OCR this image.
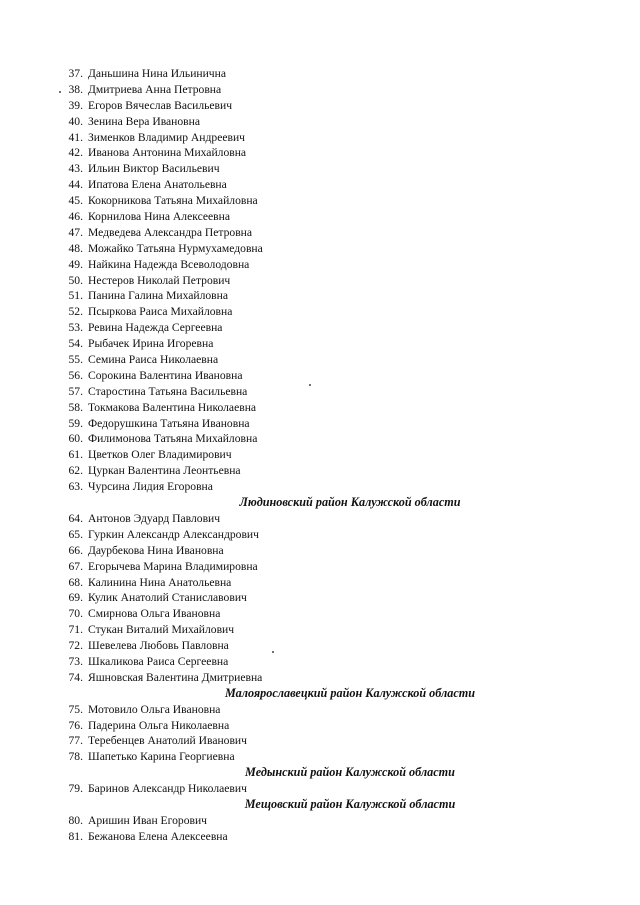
37. Даньшина Нина Ильинична
38. Дмитриева Анна Петровна
39. Егоров Вячеслав Васильевич
40. Зенина Вера Ивановна
41. Зименков Владимир Андреевич
42. Иванова Антонина Михайловна
43. Ильин Виктор Васильевич
44. Ипатова Елена Анатольевна
45. Кокорникова Татьяна Михайловна
46. Корнилова Нина Алексеевна
47. Медведева Александра Петровна
48. Можайко Татьяна Нурмухамедовна
49. Найкина Надежда Всеволодовна
50. Нестеров Николай Петрович
51. Панина Галина Михайловна
52. Псыркова Раиса Михайловна
53. Ревина Надежда Сергеевна
54. Рыбачек Ирина Игоревна
55. Семина Раиса Николаевна
56. Сорокина Валентина Ивановна
57. Старостина Татьяна Васильевна
58. Токмакова Валентина Николаевна
59. Федорушкина Татьяна Ивановна
60. Филимонова Татьяна Михайловна
61. Цветков Олег Владимирович
62. Цуркан Валентина Леонтьевна
63. Чурсина Лидия Егоровна
Людиновский район Калужской области
64. Антонов Эдуард Павлович
65. Гуркин Александр Александрович
66. Даурбекова Нина Ивановна
67. Егорычева Марина Владимировна
68. Калинина Нина Анатольевна
69. Кулик Анатолий Станиславович
70. Смирнова Ольга Ивановна
71. Стукан Виталий Михайлович
72. Шевелева Любовь Павловна
73. Шкаликова Раиса Сергеевна
74. Яшновская Валентина Дмитриевна
Малоярославецкий район Калужской области
75. Мотовило Ольга Ивановна
76. Падерина Ольга Николаевна
77. Теребенцев Анатолий Иванович
78. Шапетько Карина Георгиевна
Медынский район Калужской области
79. Баринов Александр Николаевич
Мещовский район Калужской области
80. Аришин Иван Егорович
81. Бежанова Елена Алексеевна
